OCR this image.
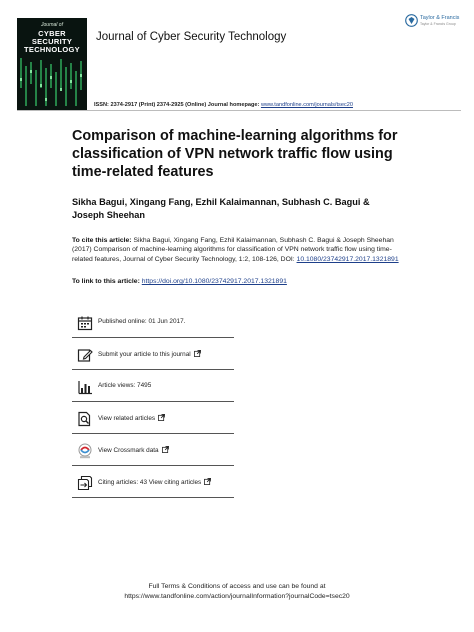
Journal of
CYBER
SECURITY
TECHNOLOGY
Journal of Cyber Security Technology
Taylor & Francis
Taylor & Francis Group
ISSN: 2374-2917 (Print) 2374-2925 (Online) Journal homepage: www.tandfonline.com/journals/tsec20
Comparison of machine-learning algorithms for classification of VPN network traffic flow using time-related features
Sikha Bagui, Xingang Fang, Ezhil Kalaimannan, Subhash C. Bagui & Joseph Sheehan
To cite this article: Sikha Bagui, Xingang Fang, Ezhil Kalaimannan, Subhash C. Bagui & Joseph Sheehan (2017) Comparison of machine-learning algorithms for classification of VPN network traffic flow using time-related features, Journal of Cyber Security Technology, 1:2, 108-126, DOI: 10.1080/23742917.2017.1321891
To link to this article: https://doi.org/10.1080/23742917.2017.1321891
Published online: 01 Jun 2017.
Submit your article to this journal
Article views: 7495
View related articles
View Crossmark data
Citing articles: 43 View citing articles
Full Terms & Conditions of access and use can be found at
https://www.tandfonline.com/action/journalInformation?journalCode=tsec20
